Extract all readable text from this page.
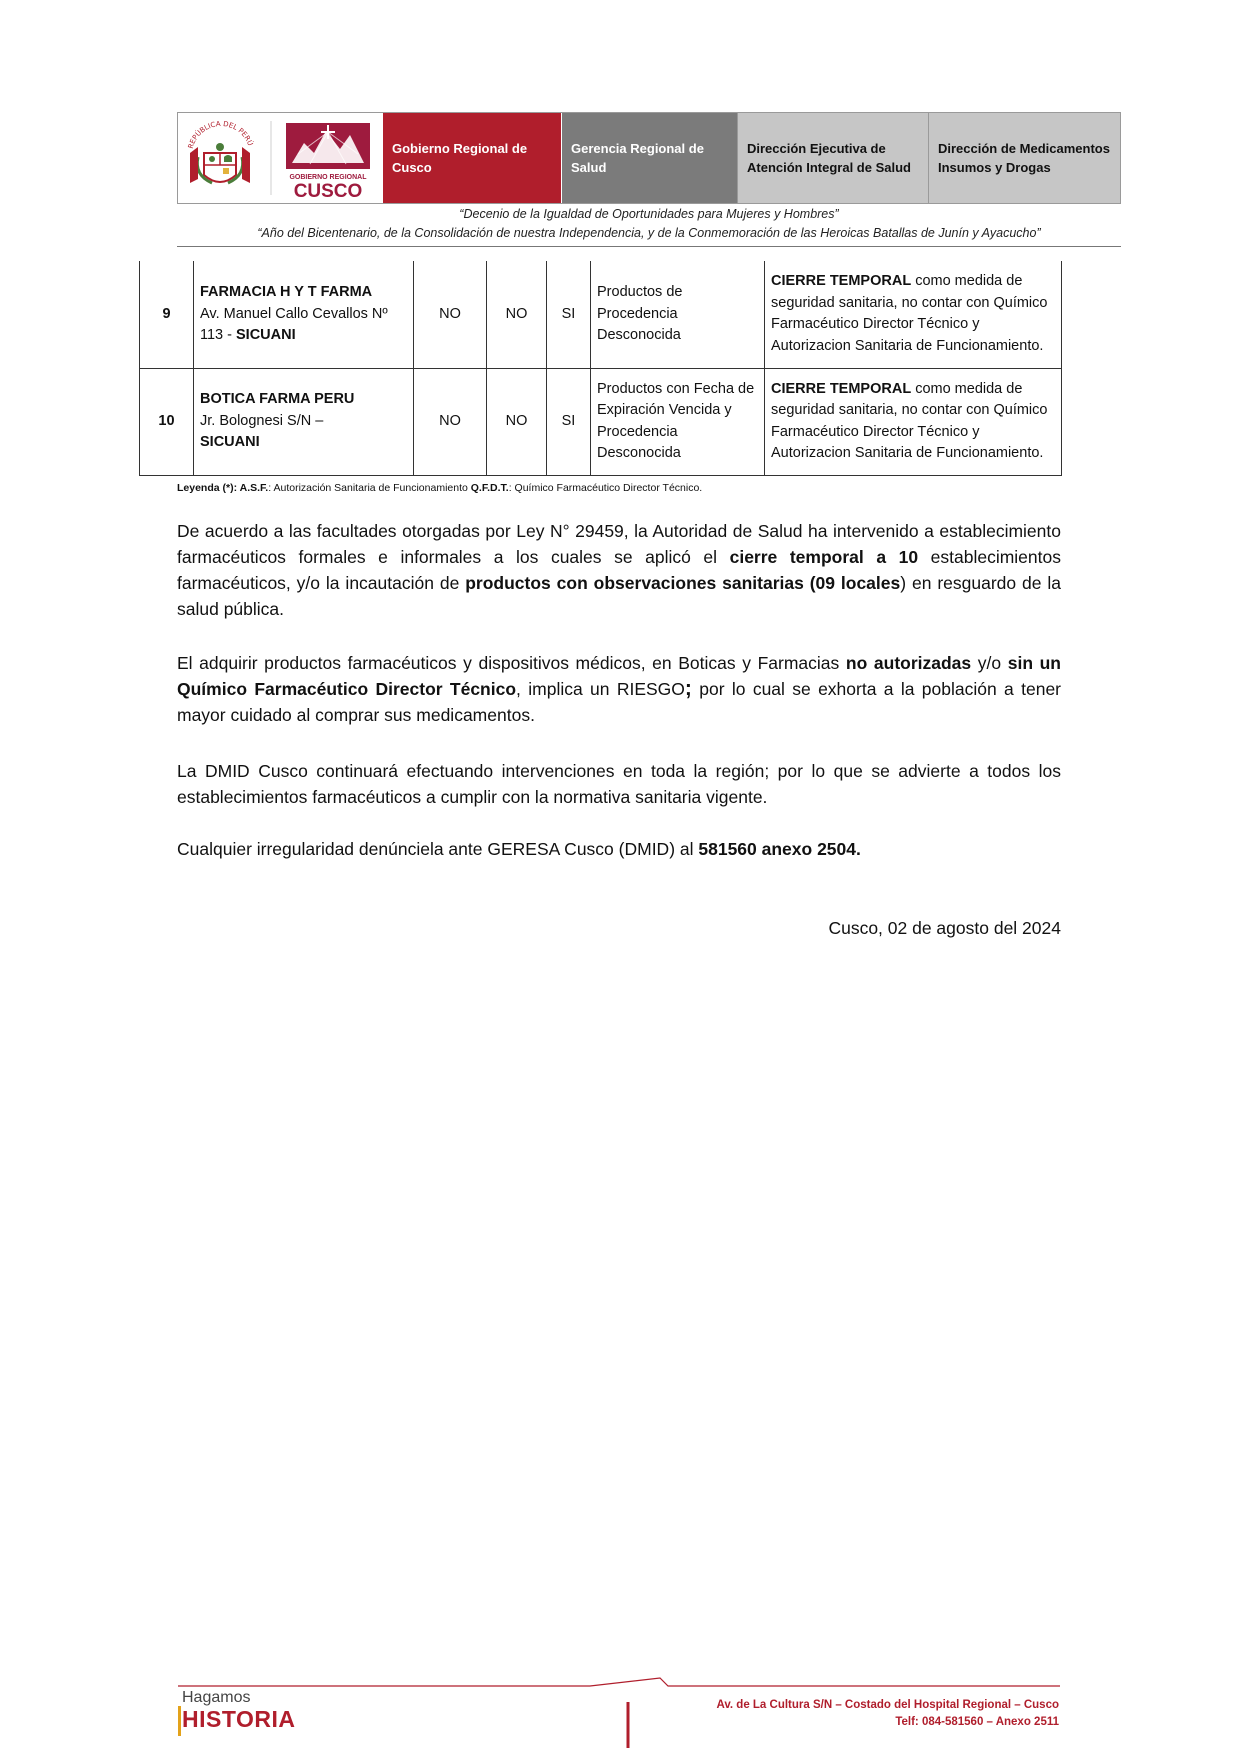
REPÚBLICA DEL PERÚ
GOBIERNO REGIONAL
CUSCO
Gobierno Regional de Cusco
Gerencia Regional de Salud
Dirección Ejecutiva de Atención Integral de Salud
Dirección de Medicamentos Insumos y Drogas
“Decenio de la Igualdad de Oportunidades para Mujeres y Hombres”
“Año del Bicentenario, de la Consolidación de nuestra Independencia, y de la Conmemoración de las Heroicas Batallas de Junín y Ayacucho”
9	FARMACIA H Y T FARMA
Av. Manuel Callo Cevallos Nº 113 - SICUANI	NO	NO	SI	Productos de Procedencia Desconocida	CIERRE TEMPORAL como medida de seguridad sanitaria, no contar con Químico Farmacéutico Director Técnico y Autorizacion Sanitaria de Funcionamiento.
10	BOTICA FARMA PERU
Jr. Bolognesi S/N –
SICUANI	NO	NO	SI	Productos con Fecha de Expiración Vencida y Procedencia Desconocida	CIERRE TEMPORAL como medida de seguridad sanitaria, no contar con Químico Farmacéutico Director Técnico y Autorizacion Sanitaria de Funcionamiento.
Leyenda (*): A.S.F.: Autorización Sanitaria de Funcionamiento Q.F.D.T.: Químico Farmacéutico Director Técnico.

De acuerdo a las facultades otorgadas por Ley N° 29459, la Autoridad de Salud ha intervenido a establecimiento farmacéuticos formales e informales a los cuales se aplicó el cierre temporal a 10 establecimientos farmacéuticos, y/o la incautación de productos con observaciones sanitarias (09 locales) en resguardo de la salud pública.

El adquirir productos farmacéuticos y dispositivos médicos, en Boticas y Farmacias no autorizadas y/o sin un Químico Farmacéutico Director Técnico, implica un RIESGO; por lo cual se exhorta a la población a tener mayor cuidado al comprar sus medicamentos.

La DMID Cusco continuará efectuando intervenciones en toda la región; por lo que se advierte a todos los establecimientos farmacéuticos a cumplir con la normativa sanitaria vigente.

Cualquier irregularidad denúnciela ante GERESA Cusco (DMID) al 581560 anexo 2504.

Cusco, 02 de agosto del 2024
Hagamos
HISTORIA
Av. de La Cultura S/N – Costado del Hospital Regional – Cusco
Telf: 084-581560 – Anexo 2511
